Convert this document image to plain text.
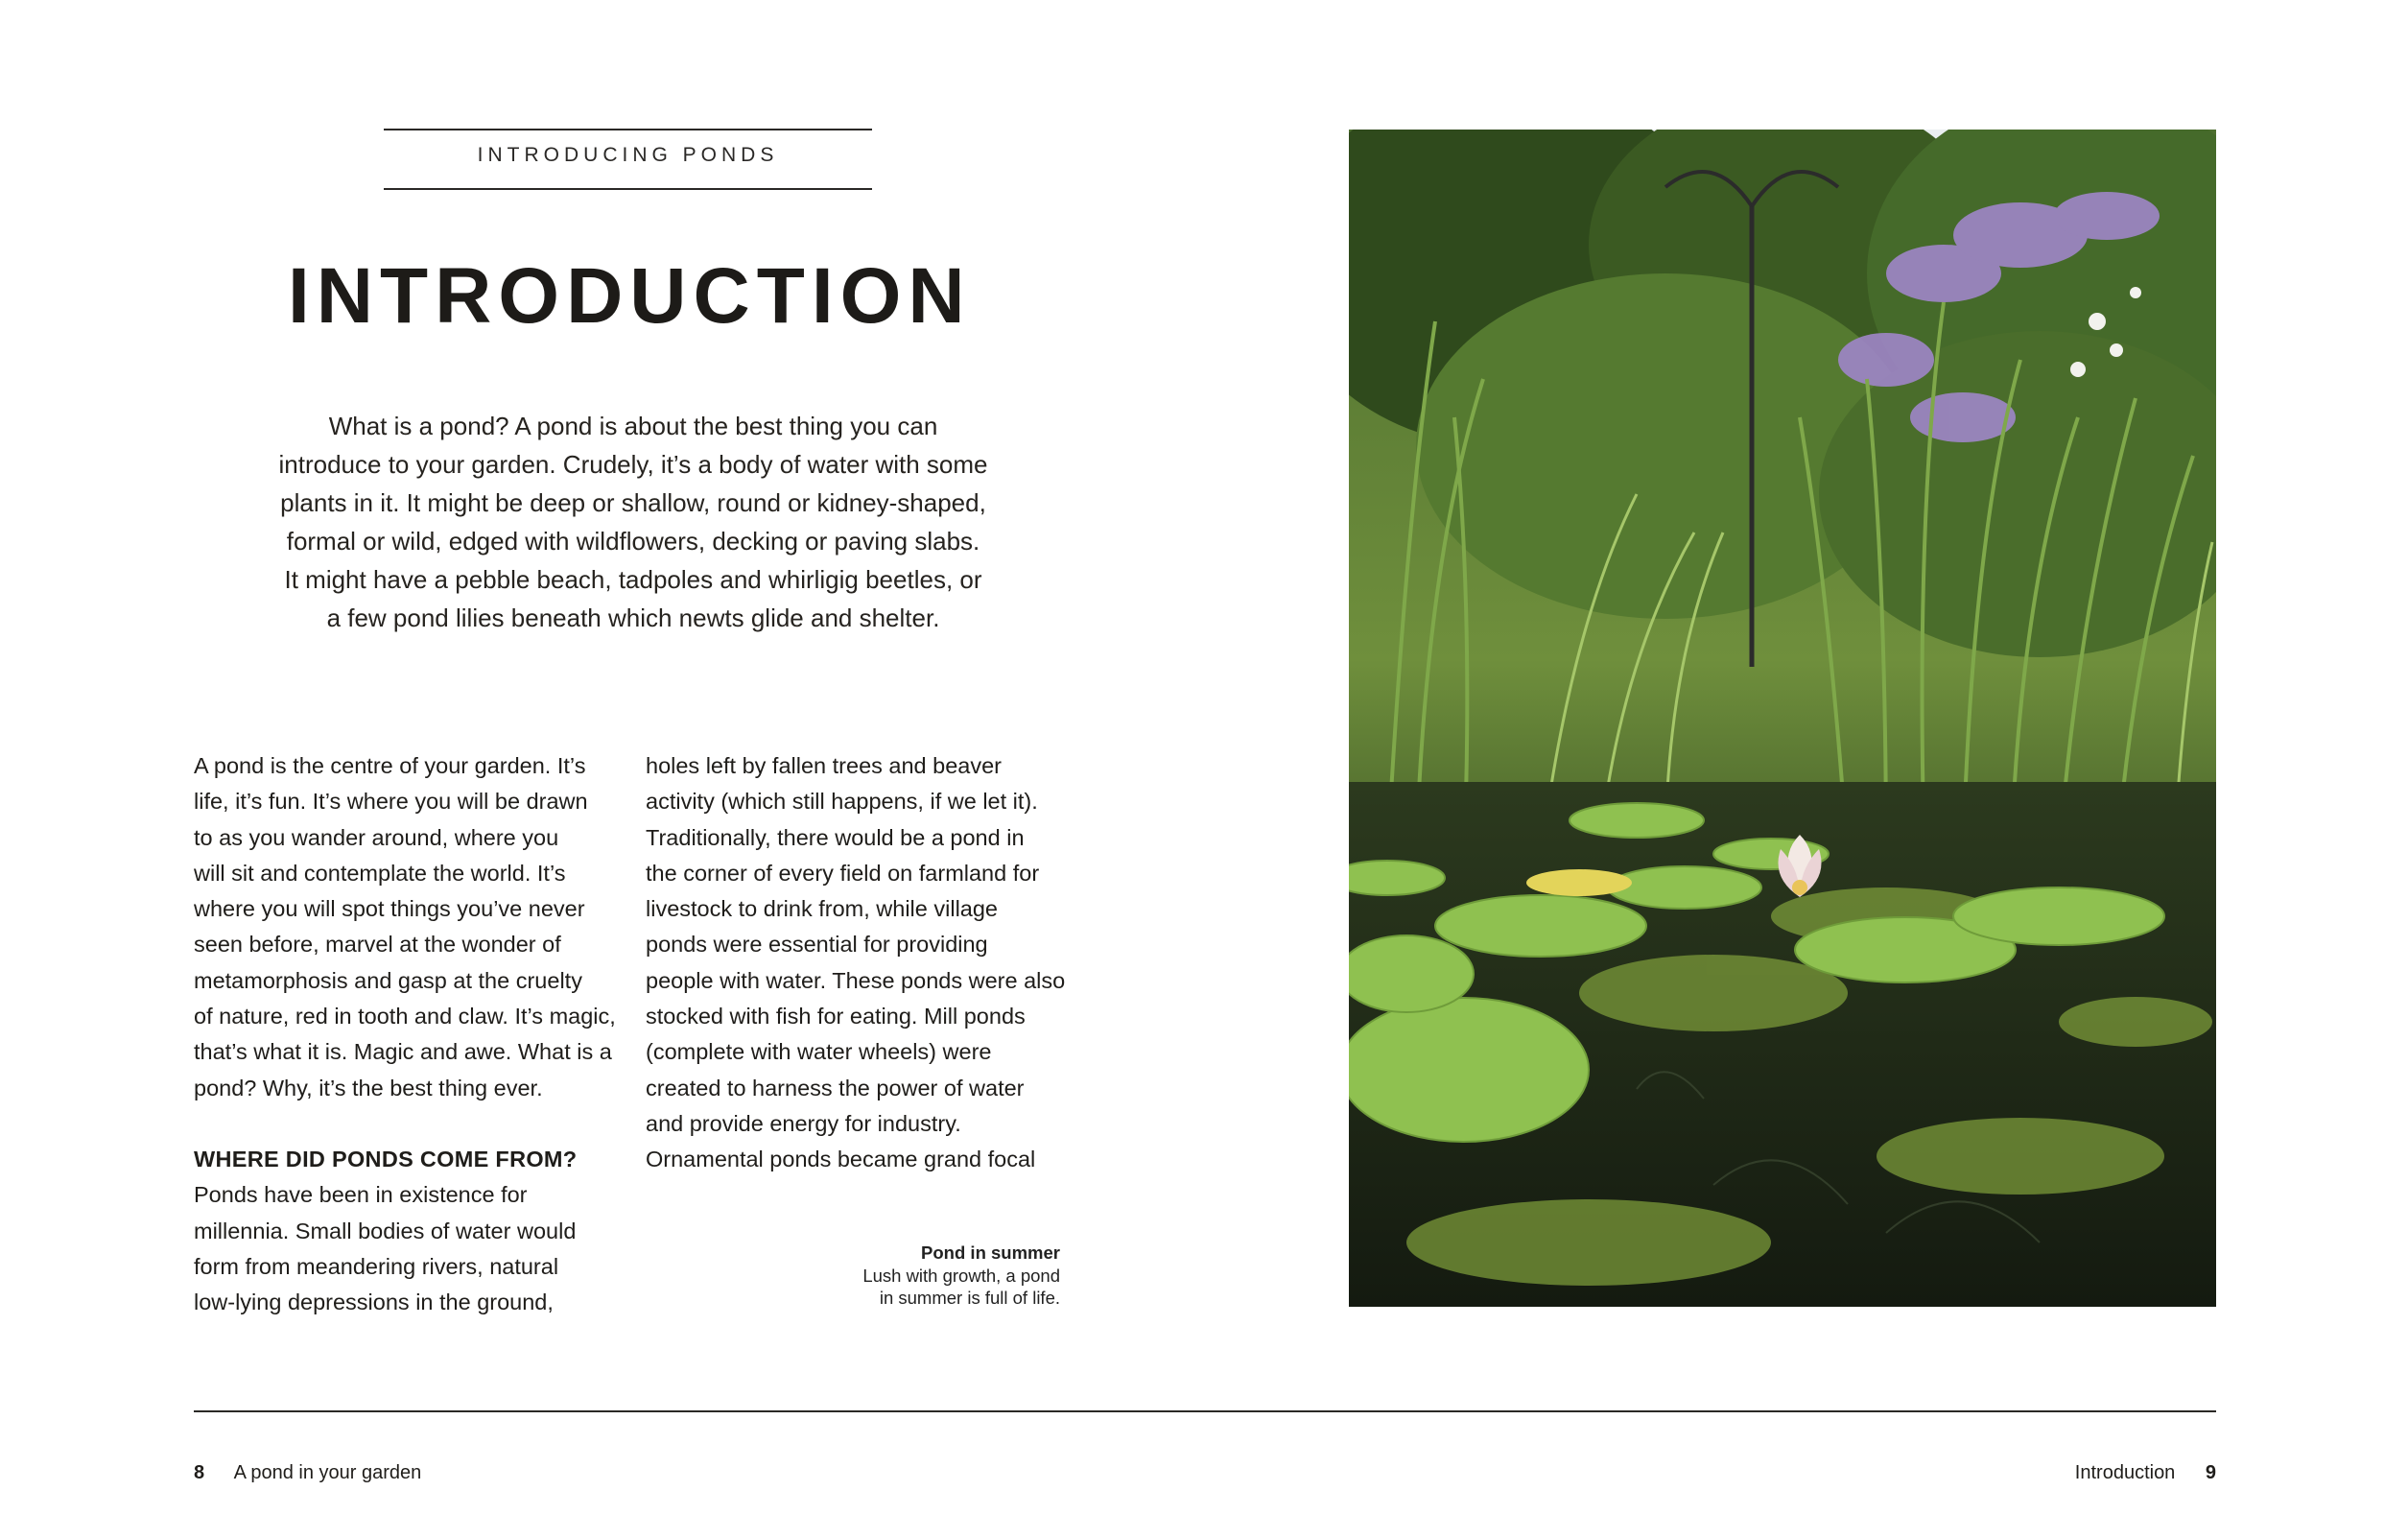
INTRODUCING PONDS
INTRODUCTION
What is a pond? A pond is about the best thing you can introduce to your garden. Crudely, it’s a body of water with some plants in it. It might be deep or shallow, round or kidney-shaped, formal or wild, edged with wildflowers, decking or paving slabs. It might have a pebble beach, tadpoles and whirligig beetles, or a few pond lilies beneath which newts glide and shelter.

A pond is the centre of your garden. It’s

life, it’s fun. It’s where you will be drawn

to as you wander around, where you

will sit and contemplate the world. It’s

where you will spot things you’ve never

seen before, marvel at the wonder of

metamorphosis and gasp at the cruelty

of nature, red in tooth and claw. It’s magic,

that’s what it is. Magic and awe. What is a

pond? Why, it’s the best thing ever.

WHERE DID PONDS COME FROM?

Ponds have been in existence for

millennia. Small bodies of water would

form from meandering rivers, natural

low-lying depressions in the ground,

holes left by fallen trees and beaver

activity (which still happens, if we let it).

Traditionally, there would be a pond in

the corner of every field on farmland for

livestock to drink from, while village

ponds were essential for providing

people with water. These ponds were also

stocked with fish for eating. Mill ponds

(complete with water wheels) were

created to harness the power of water

and provide energy for industry.

Ornamental ponds became grand focal

Pond in summer
Lush with growth, a pond
in summer is full of life.
8 A pond in your garden	Introduction 9
